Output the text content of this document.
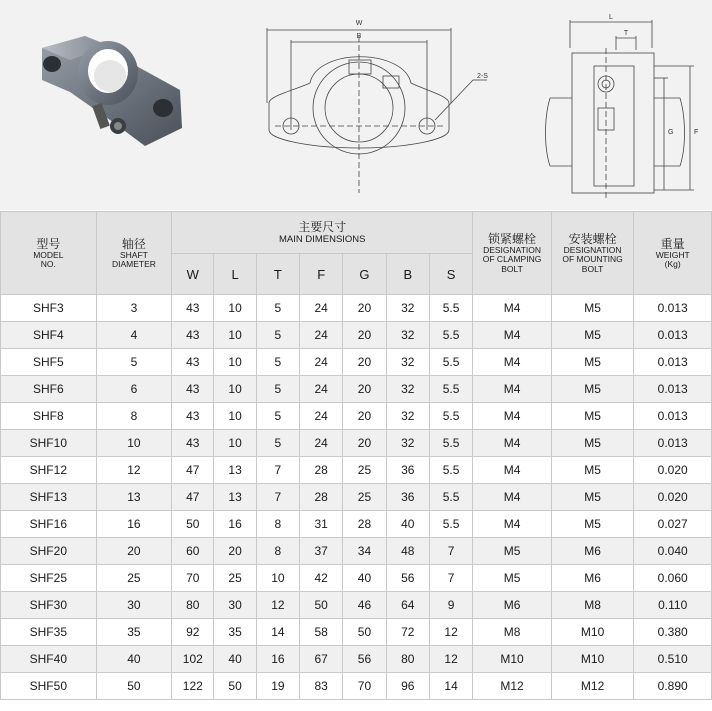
W
B
2-S
L
T
G	F
型号
MODEL
NO.	轴径
SHAFT
DIAMETER	主要尺寸
MAIN DIMENSIONS							锁紧螺栓
DESIGNATION
OF CLAMPING
BOLT	安装螺栓
DESIGNATION
OF MOUNTING
BOLT	重量
WEIGHT
(Kg)

		W	L	T	F	G	B	S			
SHF3	3	43	10	5	24	20	32	5.5	M4	M5	0.013
SHF4	4	43	10	5	24	20	32	5.5	M4	M5	0.013
SHF5	5	43	10	5	24	20	32	5.5	M4	M5	0.013
SHF6	6	43	10	5	24	20	32	5.5	M4	M5	0.013
SHF8	8	43	10	5	24	20	32	5.5	M4	M5	0.013
SHF10	10	43	10	5	24	20	32	5.5	M4	M5	0.013
SHF12	12	47	13	7	28	25	36	5.5	M4	M5	0.020
SHF13	13	47	13	7	28	25	36	5.5	M4	M5	0.020
SHF16	16	50	16	8	31	28	40	5.5	M4	M5	0.027
SHF20	20	60	20	8	37	34	48	7	M5	M6	0.040
SHF25	25	70	25	10	42	40	56	7	M5	M6	0.060
SHF30	30	80	30	12	50	46	64	9	M6	M8	0.110
SHF35	35	92	35	14	58	50	72	12	M8	M10	0.380
SHF40	40	102	40	16	67	56	80	12	M10	M10	0.510
SHF50	50	122	50	19	83	70	96	14	M12	M12	0.890
